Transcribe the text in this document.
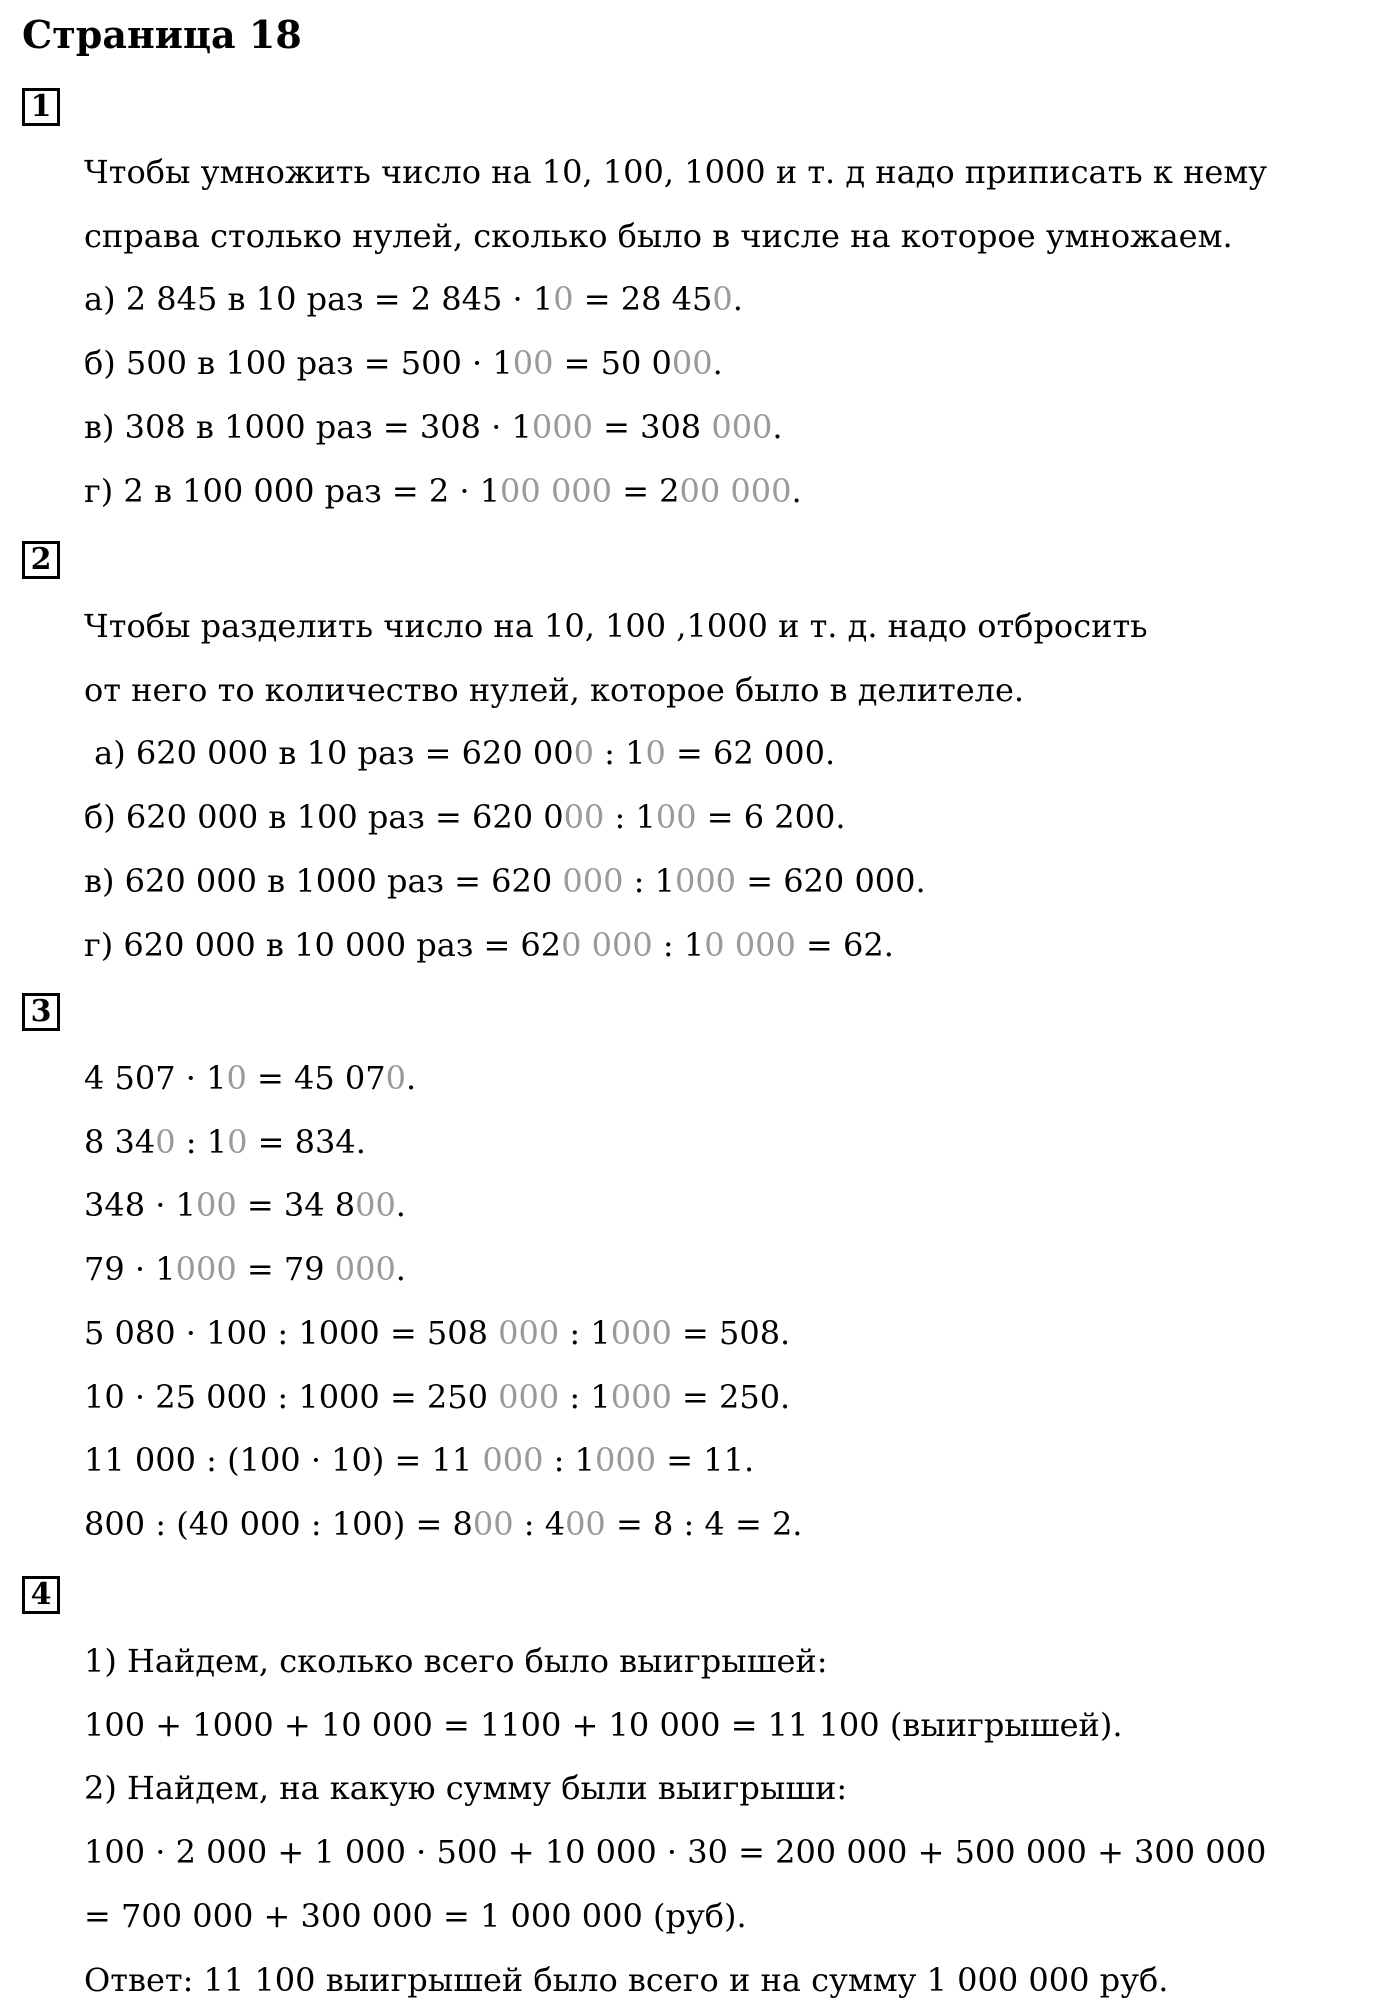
Страница 18
1
Чтобы умножить число на 10, 100, 1000 и т. д надо приписать к нему
справа столько нулей, сколько было в числе на которое умножаем.
а) 2 845 в 10 раз = 2 845 · 10 = 28 450.
б) 500 в 100 раз = 500 · 100 = 50 000.
в) 308 в 1000 раз = 308 · 1000 = 308 000.
г) 2 в 100 000 раз = 2 · 100 000 = 200 000.
2
Чтобы разделить число на 10, 100 ,1000 и т. д. надо отбросить
от него то количество нулей, которое было в делителе.
а) 620 000 в 10 раз = 620 000 : 10 = 62 000.
б) 620 000 в 100 раз = 620 000 : 100 = 6 200.
в) 620 000 в 1000 раз = 620 000 : 1000 = 620 000.
г) 620 000 в 10 000 раз = 620 000 : 10 000 = 62.
3
4 507 · 10 = 45 070.
8 340 : 10 = 834.
348 · 100 = 34 800.
79 · 1000 = 79 000.
5 080 · 100 : 1000 = 508 000 : 1000 = 508.
10 · 25 000 : 1000 = 250 000 : 1000 = 250.
11 000 : (100 · 10) = 11 000 : 1000 = 11.
800 : (40 000 : 100) = 800 : 400 = 8 : 4 = 2.
4
1) Найдем, сколько всего было выигрышей:
100 + 1000 + 10 000 = 1100 + 10 000 = 11 100 (выигрышей).
2) Найдем, на какую сумму были выигрыши:
100 · 2 000 + 1 000 · 500 + 10 000 · 30 = 200 000 + 500 000 + 300 000
= 700 000 + 300 000 = 1 000 000 (руб).
Ответ: 11 100 выигрышей было всего и на сумму 1 000 000 руб.
